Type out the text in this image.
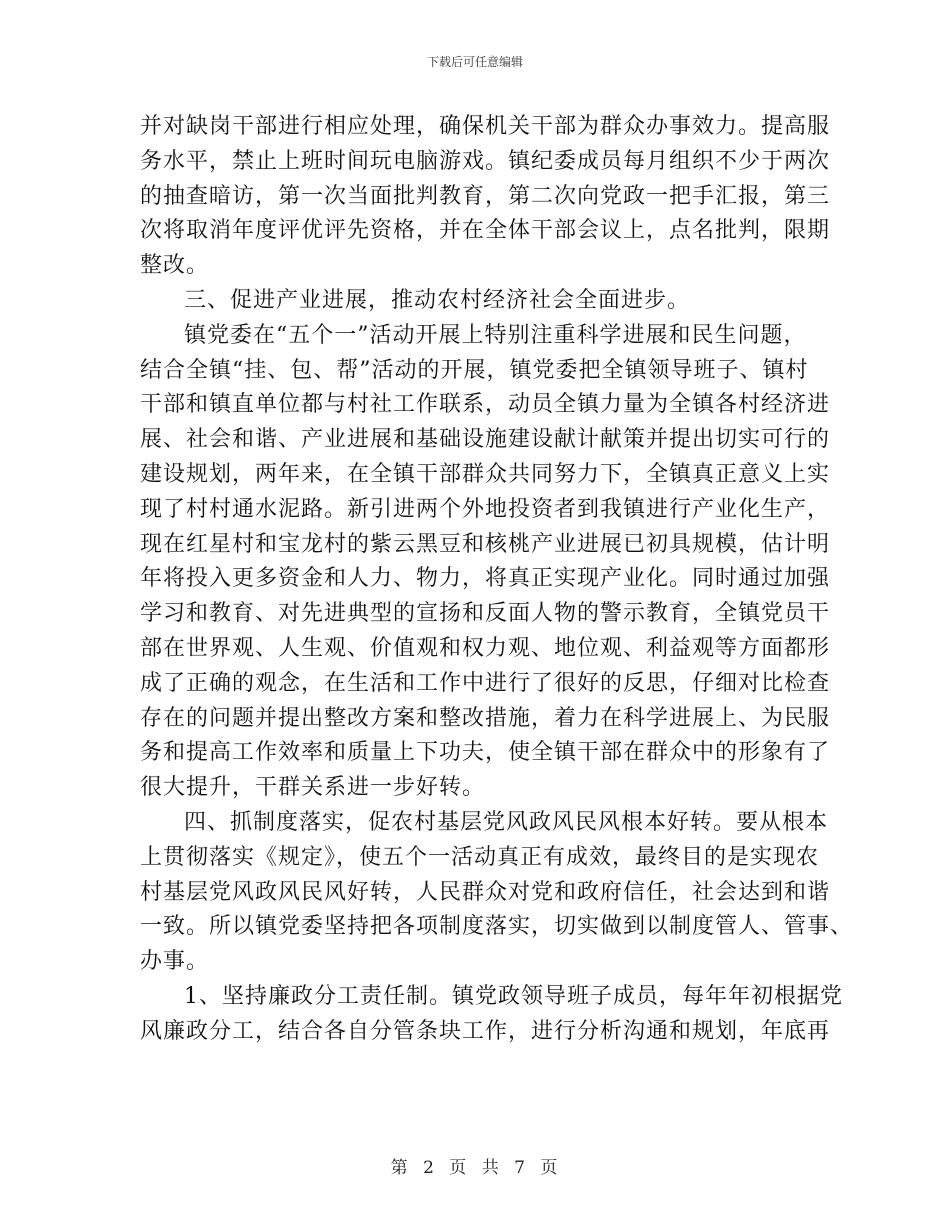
下载后可任意编辑
并对缺岗干部进行相应处理，确保机关干部为群众办事效力。提高服
务水平，禁止上班时间玩电脑游戏。镇纪委成员每月组织不少于两次
的抽查暗访，第一次当面批判教育，第二次向党政一把手汇报，第三
次将取消年度评优评先资格，并在全体干部会议上，点名批判，限期
整改。
三、促进产业进展，推动农村经济社会全面进步。
镇党委在“五个一”活动开展上特别注重科学进展和民生问题，
结合全镇“挂、包、帮”活动的开展，镇党委把全镇领导班子、镇村
干部和镇直单位都与村社工作联系，动员全镇力量为全镇各村经济进
展、社会和谐、产业进展和基础设施建设献计献策并提出切实可行的
建设规划，两年来，在全镇干部群众共同努力下，全镇真正意义上实
现了村村通水泥路。新引进两个外地投资者到我镇进行产业化生产，
现在红星村和宝龙村的紫云黑豆和核桃产业进展已初具规模，估计明
年将投入更多资金和人力、物力，将真正实现产业化。同时通过加强
学习和教育、对先进典型的宣扬和反面人物的警示教育，全镇党员干
部在世界观、人生观、价值观和权力观、地位观、利益观等方面都形
成了正确的观念，在生活和工作中进行了很好的反思，仔细对比检查
存在的问题并提出整改方案和整改措施，着力在科学进展上、为民服
务和提高工作效率和质量上下功夫，使全镇干部在群众中的形象有了
很大提升，干群关系进一步好转。
四、抓制度落实，促农村基层党风政风民风根本好转。要从根本
上贯彻落实《规定》，使五个一活动真正有成效，最终目的是实现农
村基层党风政风民风好转，人民群众对党和政府信任，社会达到和谐
一致。所以镇党委坚持把各项制度落实，切实做到以制度管人、管事、
办事。
1、坚持廉政分工责任制。镇党政领导班子成员，每年年初根据党
风廉政分工，结合各自分管条块工作，进行分析沟通和规划，年底再
第 2 页 共 7 页
